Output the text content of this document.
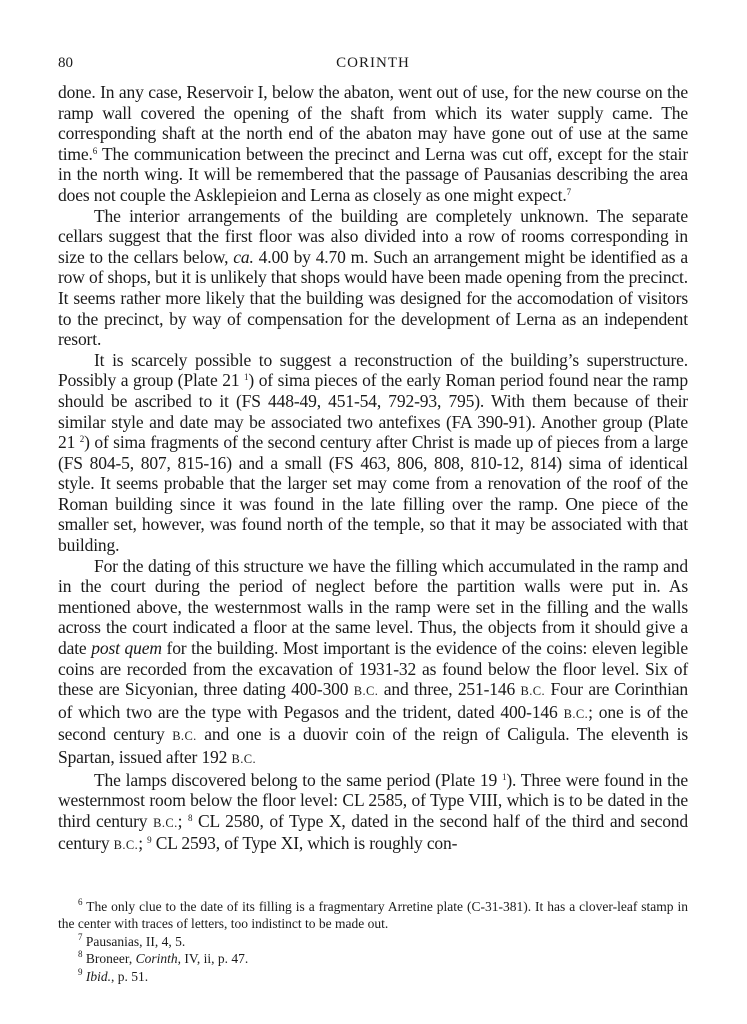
80	CORINTH

done. In any case, Reservoir I, below the abaton, went out of use, for the new course on the ramp wall covered the opening of the shaft from which its water supply came. The corresponding shaft at the north end of the abaton may have gone out of use at the same time.$^6$ The communication between the precinct and Lerna was cut off, except for the stair in the north wing. It will be remembered that the passage of Pausanias describing the area does not couple the Asklepieion and Lerna as closely as one might expect.$^7$

The interior arrangements of the building are completely unknown. The separate cellars suggest that the first floor was also divided into a row of rooms corresponding in size to the cellars below, ca. 4.00 by 4.70 m. Such an arrangement might be identified as a row of shops, but it is unlikely that shops would have been made opening from the precinct. It seems rather more likely that the building was designed for the accomodation of visitors to the precinct, by way of compensation for the development of Lerna as an independent resort.

It is scarcely possible to suggest a reconstruction of the building’s superstructure. Possibly a group (Plate 21 $^1$) of sima pieces of the early Roman period found near the ramp should be ascribed to it (FS 448-49, 451-54, 792-93, 795). With them because of their similar style and date may be associated two antefixes (FA 390-91). Another group (Plate 21 $^2$) of sima fragments of the second century after Christ is made up of pieces from a large (FS 804-5, 807, 815-16) and a small (FS 463, 806, 808, 810-12, 814) sima of identical style. It seems probable that the larger set may come from a renovation of the roof of the Roman building since it was found in the late filling over the ramp. One piece of the smaller set, however, was found north of the temple, so that it may be associated with that building.

For the dating of this structure we have the filling which accumulated in the ramp and in the court during the period of neglect before the partition walls were put in. As mentioned above, the westernmost walls in the ramp were set in the filling and the walls across the court indicated a floor at the same level. Thus, the objects from it should give a date post quem for the building. Most important is the evidence of the coins: eleven legible coins are recorded from the excavation of 1931-32 as found below the floor level. Six of these are Sicyonian, three dating 400-300 B.C. and three, 251-146 B.C. Four are Corinthian of which two are the type with Pegasos and the trident, dated 400-146 B.C.; one is of the second century B.C. and one is a duovir coin of the reign of Caligula. The eleventh is Spartan, issued after 192 B.C.

The lamps discovered belong to the same period (Plate 19 $^1$). Three were found in the westernmost room below the floor level: CL 2585, of Type VIII, which is to be dated in the third century B.C.; $^8$ CL 2580, of Type X, dated in the second half of the third and second century B.C.; $^9$ CL 2593, of Type XI, which is roughly con-

$^6$ The only clue to the date of its filling is a fragmentary Arretine plate (C-31-381). It has a clover-leaf stamp in the center with traces of letters, too indistinct to be made out.

$^7$ Pausanias, II, 4, 5.

$^8$ Broneer, Corinth, IV, ii, p. 47.

$^9$ Ibid., p. 51.
